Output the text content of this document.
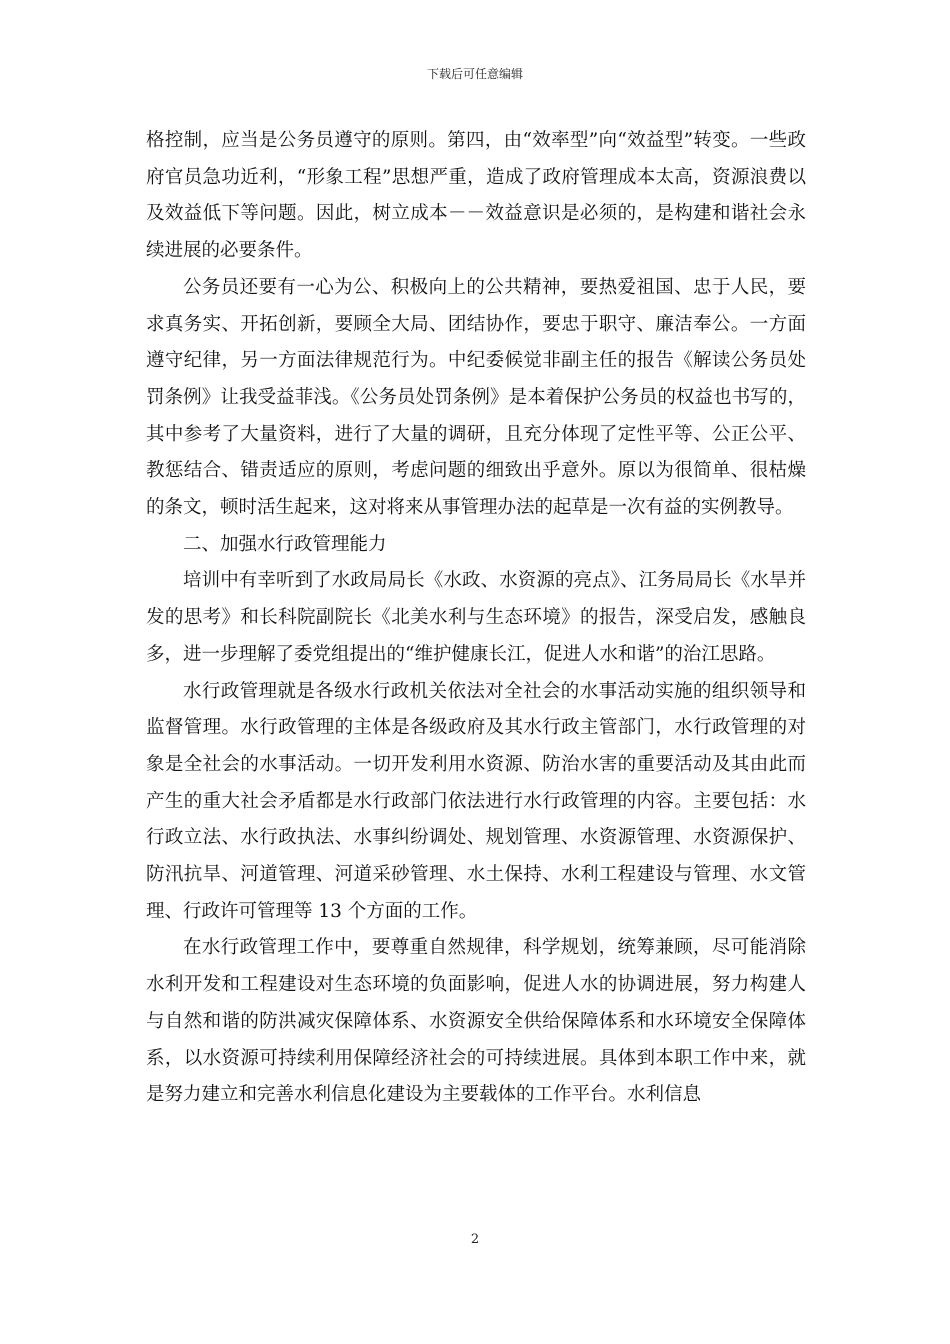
下载后可任意编辑

格控制，应当是公务员遵守的原则。第四，由“效率型”向“效益型”转变。一些政府官员急功近利，“形象工程”思想严重，造成了政府管理成本太高，资源浪费以及效益低下等问题。因此，树立成本－－效益意识是必须的，是构建和谐社会永续进展的必要条件。

公务员还要有一心为公、积极向上的公共精神，要热爱祖国、忠于人民，要求真务实、开拓创新，要顾全大局、团结协作，要忠于职守、廉洁奉公。一方面遵守纪律，另一方面法律规范行为。中纪委候觉非副主任的报告《解读公务员处罚条例》让我受益菲浅。《公务员处罚条例》是本着保护公务员的权益也书写的，其中参考了大量资料，进行了大量的调研，且充分体现了定性平等、公正公平、教惩结合、错责适应的原则，考虑问题的细致出乎意外。原以为很简单、很枯燥的条文，顿时活生起来，这对将来从事管理办法的起草是一次有益的实例教导。

二、加强水行政管理能力

培训中有幸听到了水政局局长《水政、水资源的亮点》、江务局局长《水旱并发的思考》和长科院副院长《北美水利与生态环境》的报告，深受启发，感触良多，进一步理解了委党组提出的“维护健康长江，促进人水和谐”的治江思路。

水行政管理就是各级水行政机关依法对全社会的水事活动实施的组织领导和监督管理。水行政管理的主体是各级政府及其水行政主管部门，水行政管理的对象是全社会的水事活动。一切开发利用水资源、防治水害的重要活动及其由此而产生的重大社会矛盾都是水行政部门依法进行水行政管理的内容。主要包括：水行政立法、水行政执法、水事纠纷调处、规划管理、水资源管理、水资源保护、防汛抗旱、河道管理、河道采砂管理、水土保持、水利工程建设与管理、水文管理、行政许可管理等 13 个方面的工作。

在水行政管理工作中，要尊重自然规律，科学规划，统筹兼顾，尽可能消除水利开发和工程建设对生态环境的负面影响，促进人水的协调进展，努力构建人与自然和谐的防洪减灾保障体系、水资源安全供给保障体系和水环境安全保障体系，以水资源可持续利用保障经济社会的可持续进展。具体到本职工作中来，就是努力建立和完善水利信息化建设为主要载体的工作平台。水利信息

2
